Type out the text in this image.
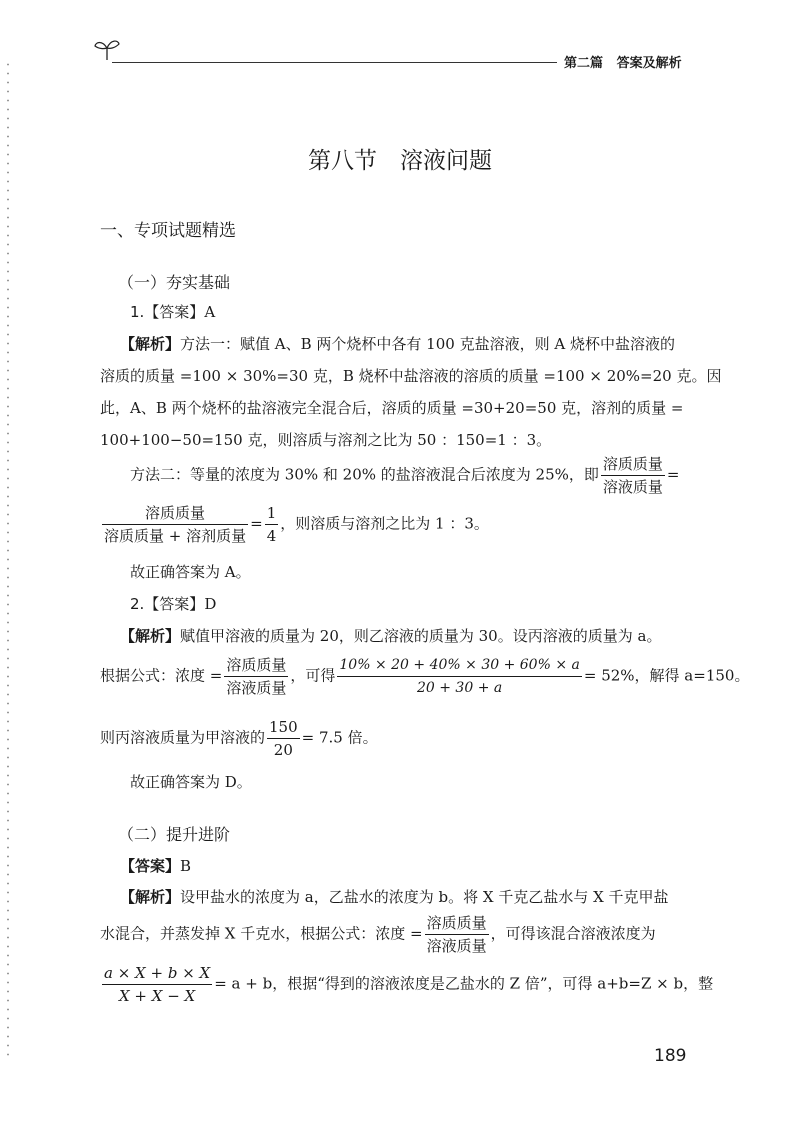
第二篇   答案及解析
第八节　溶液问题
一、专项试题精选
（一）夯实基础
1.【答案】A
【解析】方法一：赋值 A、B 两个烧杯中各有 100 克盐溶液，则 A 烧杯中盐溶液的
溶质的质量 =100 × 30%=30 克，B 烧杯中盐溶液的溶质的质量 =100 × 20%=20 克。因
此，A、B 两个烧杯的盐溶液完全混合后，溶质的质量 =30+20=50 克，溶剂的质量 =
100+100−50=150 克，则溶质与溶剂之比为 50 ：150=1 ：3。
方法二：等量的浓度为 30% 和 20% 的盐溶液混合后浓度为 25%，即 $\frac{\text{溶质质量}}{\text{溶液质量}}$ =
$\frac{\text{溶质质量}}{\text{溶质质量 + 溶剂质量}} = \frac{1}{4}$ ，则溶质与溶剂之比为 1 ：3。
故正确答案为 A。
2.【答案】D
【解析】赋值甲溶液的质量为 20，则乙溶液的质量为 30。设丙溶液的质量为 a。
根据公式：浓度 = $\frac{\text{溶质质量}}{\text{溶液质量}}$ ，可得 $\frac{10\% \times 20 + 40\% \times 30 + 60\% \times a}{20 + 30 + a} = 52\%$，解得 a=150。
则丙溶液质量为甲溶液的 $\frac{150}{20} = 7.5$ 倍。
故正确答案为 D。
（二）提升进阶
【答案】B
【解析】设甲盐水的浓度为 a，乙盐水的浓度为 b。将 X 千克乙盐水与 X 千克甲盐
水混合，并蒸发掉 X 千克水，根据公式：浓度 = $\frac{\text{溶质质量}}{\text{溶液质量}}$ ，可得该混合溶液浓度为
$\frac{a \times X + b \times X}{X + X - X} = a + b$，根据“得到的溶液浓度是乙盐水的 Z 倍”，可得 a+b=Z × b，整
189
